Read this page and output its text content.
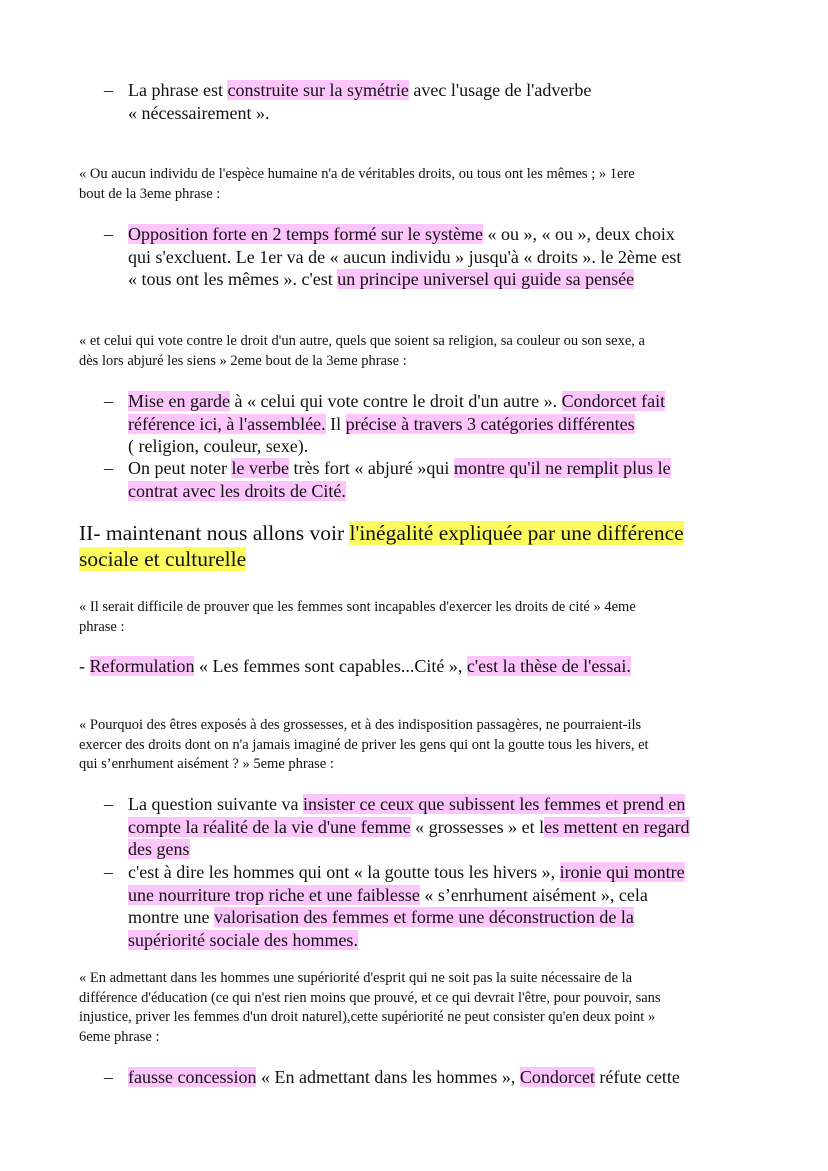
– La phrase est construite sur la symétrie avec l'usage de l'adverbe
« nécessairement ».
« Ou aucun individu de l'espèce humaine n'a de véritables droits, ou tous ont les mêmes ; » 1ere
bout de la 3eme phrase :
– Opposition forte en 2 temps formé sur le système « ou », « ou », deux choix
qui s'excluent. Le 1er va de « aucun individu » jusqu'à « droits ». le 2ème est
« tous ont les mêmes ». c'est un principe universel qui guide sa pensée
« et celui qui vote contre le droit d'un autre, quels que soient sa religion, sa couleur ou son sexe, a
dès lors abjuré les siens » 2eme bout de la 3eme phrase :
– Mise en garde à « celui qui vote contre le droit d'un autre ». Condorcet fait
référence ici, à l'assemblée. Il précise à travers 3 catégories différentes
( religion, couleur, sexe).
– On peut noter le verbe très fort « abjuré »qui montre qu'il ne remplit plus le
contrat avec les droits de Cité.
II- maintenant nous allons voir l'inégalité expliquée par une différence
sociale et culturelle
« Il serait difficile de prouver que les femmes sont incapables d'exercer les droits de cité » 4eme
phrase :
- Reformulation « Les femmes sont capables...Cité », c'est la thèse de l'essai.
« Pourquoi des êtres exposés à des grossesses, et à des indisposition passagères, ne pourraient-ils
exercer des droits dont on n'a jamais imaginé de priver les gens qui ont la goutte tous les hivers, et
qui s’enrhument aisément ? » 5eme phrase :
– La question suivante va insister ce ceux que subissent les femmes et prend en
compte la réalité de la vie d'une femme « grossesses » et les mettent en regard
des gens
– c'est à dire les hommes qui ont « la goutte tous les hivers », ironie qui montre
une nourriture trop riche et une faiblesse « s’enrhument aisément », cela
montre une valorisation des femmes et forme une déconstruction de la
supériorité sociale des hommes.
« En admettant dans les hommes une supériorité d'esprit qui ne soit pas la suite nécessaire de la
différence d'éducation (ce qui n'est rien moins que prouvé, et ce qui devrait l'être, pour pouvoir, sans
injustice, priver les femmes d'un droit naturel),cette supériorité ne peut consister qu'en deux point »
6eme phrase :
– fausse concession « En admettant dans les hommes », Condorcet réfute cette
